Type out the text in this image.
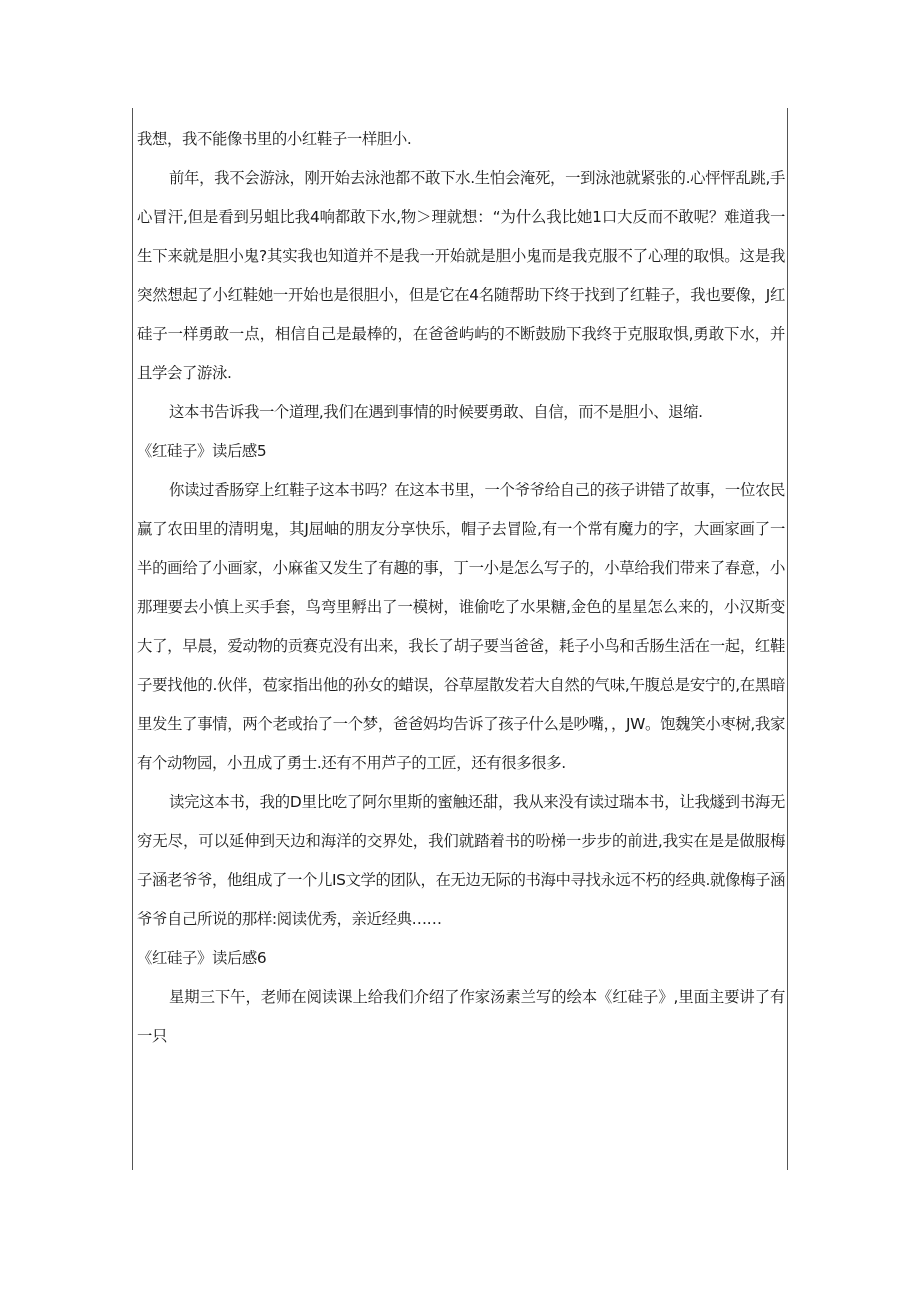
我想，我不能像书里的小红鞋子一样胆小.

前年，我不会游泳，刚开始去泳池都不敢下水.生怕会淹死，一到泳池就紧张的.心怦怦乱跳,手心冒汗,但是看到另蛆比我4响都敢下水,物＞理就想：“为什么我比她1口大反而不敢呢？难道我一生下来就是胆小鬼?其实我也知道并不是我一开始就是胆小鬼而是我克服不了心理的取惧。这是我突然想起了小红鞋她一开始也是很胆小，但是它在4名随帮助下终于找到了红鞋子，我也要像，J红硅子一样勇敢一点，相信自己是最棒的，在爸爸屿屿的不断鼓励下我终于克服取惧,勇敢下水，并且学会了游泳.

这本书告诉我一个道理,我们在遇到事情的时候要勇敢、自信，而不是胆小、退缩.

《红硅子》读后感5

你读过香肠穿上红鞋子这本书吗？在这本书里，一个爷爷给自己的孩子讲错了故事，一位农民赢了农田里的清明鬼，其J屈岫的朋友分享快乐，帽子去冒险,有一个常有魔力的字，大画家画了一半的画给了小画家，小麻雀又发生了有趣的事，丁一小是怎么写子的，小草给我们带来了春意，小那理要去小慎上买手套，鸟弯里孵出了一模树，谁偷吃了水果糖,金色的星星怎么来的，小汉斯变大了，早晨，爱动物的贡赛克没有出来，我长了胡子要当爸爸，耗子小鸟和舌肠生活在一起，红鞋子要找他的.伙伴，苞家指出他的孙女的蜡误，谷草屋散发若大自然的气味,午腹总是安宁的,在黑暗里发生了事情，两个老或抬了一个梦，爸爸妈均告诉了孩子什么是吵嘴，，JW。饱魏笑小枣树,我家有个动物园，小丑成了勇士.还有不用芦子的工匠，还有很多很多.

读完这本书，我的D里比吃了阿尔里斯的蜜触还甜，我从来没有读过瑞本书，让我燧到书海无穷无尽，可以延伸到天边和海洋的交界处，我们就踏着书的吩梯一步步的前进,我实在是是做服梅子涵老爷爷，他组成了一个儿IS文学的团队，在无边无际的书海中寻找永远不朽的经典.就像梅子涵爷爷自己所说的那样:阅读优秀，亲近经典……

《红硅子》读后感6

星期三下午，老师在阅读课上给我们介绍了作家汤素兰写的绘本《红硅子》,里面主要讲了有一只
